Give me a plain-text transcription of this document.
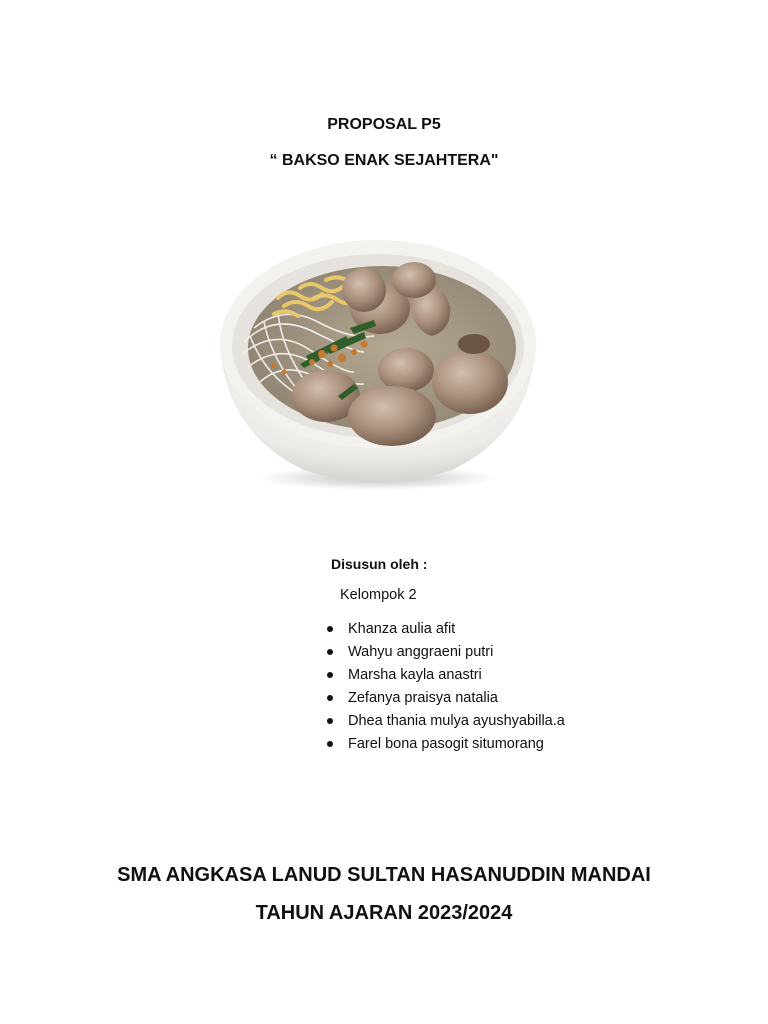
PROPOSAL P5
“ BAKSO ENAK SEJAHTERA"
Disusun oleh :
Kelompok 2
Khanza aulia afit
Wahyu anggraeni putri
Marsha kayla anastri
Zefanya praisya natalia
Dhea thania mulya ayushyabilla.a
Farel bona pasogit situmorang
SMA ANGKASA LANUD SULTAN HASANUDDIN MANDAI
TAHUN AJARAN 2023/2024
